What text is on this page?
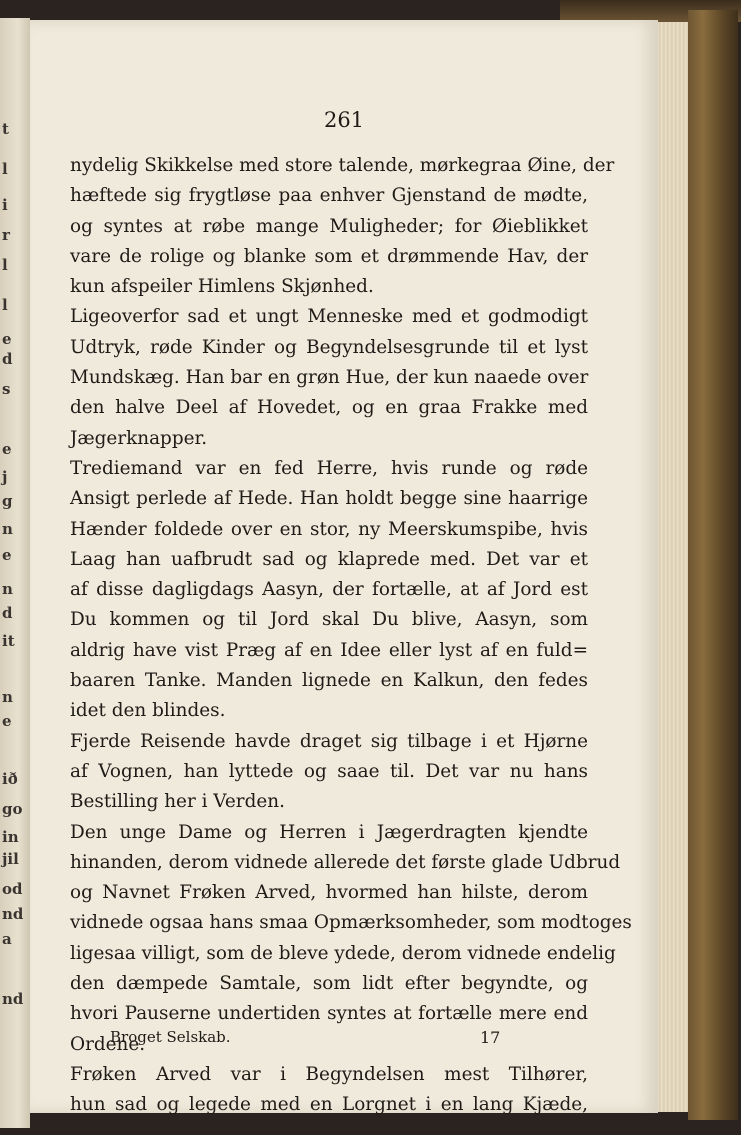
t
l
i
r
l
l
e
d
s
e
j
g
n
e
n
d
it
n
e
ið
go
in
jil
od
nd
a
nd
261
nydelig Skikkelse med store talende, mørkegraa Øine, der
hæftede sig frygtløse paa enhver Gjenstand de mødte,
og syntes at røbe mange Muligheder; for Øieblikket
vare de rolige og blanke som et drømmende Hav, der
kun afspeiler Himlens Skjønhed.
Ligeoverfor sad et ungt Menneske med et godmodigt
Udtryk, røde Kinder og Begyndelsesgrunde til et lyst
Mundskæg. Han bar en grøn Hue, der kun naaede over
den halve Deel af Hovedet, og en graa Frakke med
Jægerknapper.
Trediemand var en fed Herre, hvis runde og røde
Ansigt perlede af Hede. Han holdt begge sine haarrige
Hænder foldede over en stor, ny Meerskumspibe, hvis
Laag han uafbrudt sad og klaprede med. Det var et
af disse dagligdags Aasyn, der fortælle, at af Jord est
Du kommen og til Jord skal Du blive, Aasyn, som
aldrig have vist Præg af en Idee eller lyst af en fuld=
baaren Tanke. Manden lignede en Kalkun, den fedes
idet den blindes.
Fjerde Reisende havde draget sig tilbage i et Hjørne
af Vognen, han lyttede og saae til. Det var nu hans
Bestilling her i Verden.
Den unge Dame og Herren i Jægerdragten kjendte
hinanden, derom vidnede allerede det første glade Udbrud
og Navnet Frøken Arved, hvormed han hilste, derom
vidnede ogsaa hans smaa Opmærksomheder, som modtoges
ligesaa villigt, som de bleve ydede, derom vidnede endelig
den dæmpede Samtale, som lidt efter begyndte, og
hvori Pauserne undertiden syntes at fortælle mere end
Ordene.
Frøken Arved var i Begyndelsen mest Tilhører,
hun sad og legede med en Lorgnet i en lang Kjæde,
Broget Selskab.	17
